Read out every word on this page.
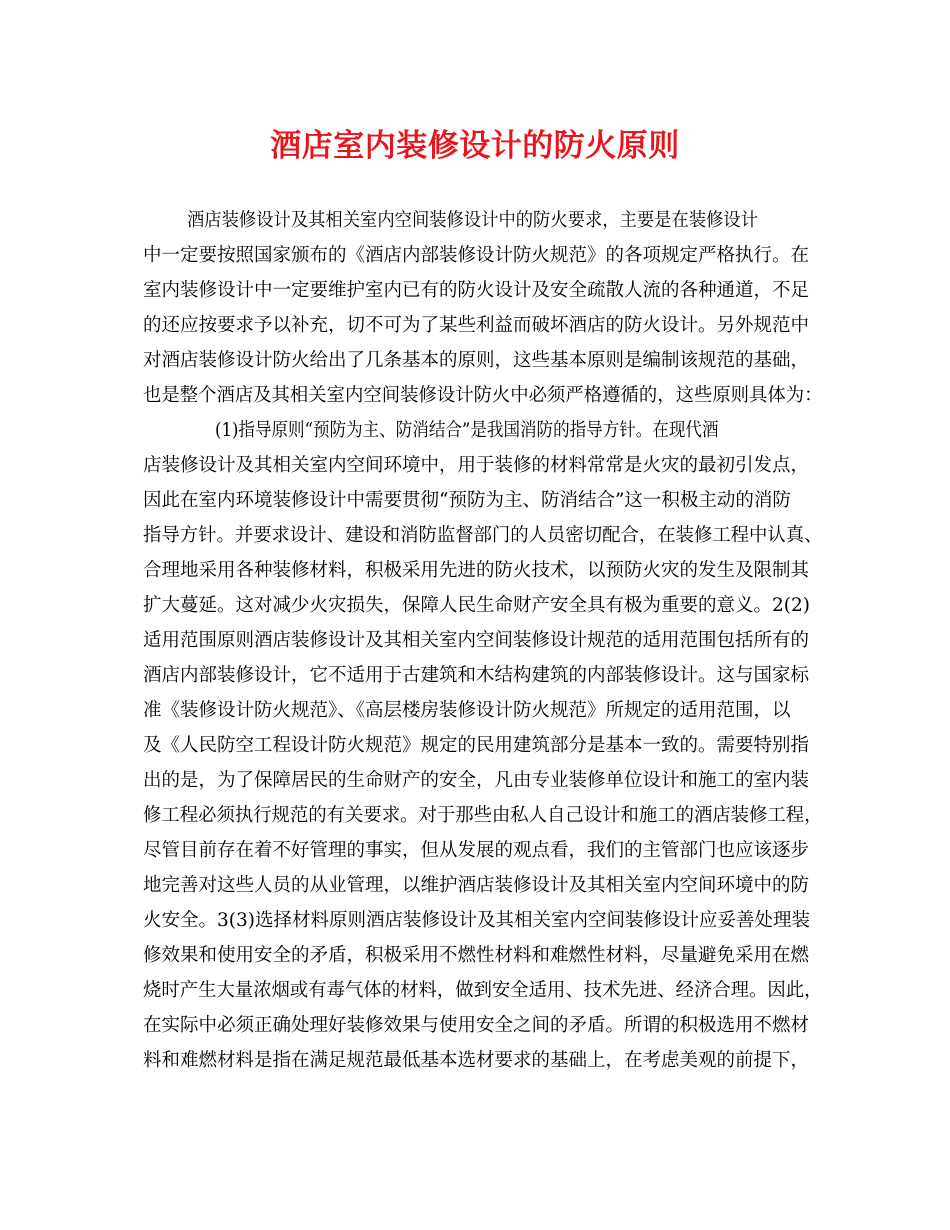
酒店室内装修设计的防火原则

酒店装修设计及其相关室内空间装修设计中的防火要求，主要是在装修设计

中一定要按照国家颁布的《酒店内部装修设计防火规范》的各项规定严格执行。在

室内装修设计中一定要维护室内已有的防火设计及安全疏散人流的各种通道，不足

的还应按要求予以补充，切不可为了某些利益而破坏酒店的防火设计。另外规范中

对酒店装修设计防火给出了几条基本的原则，这些基本原则是编制该规范的基础，

也是整个酒店及其相关室内空间装修设计防火中必须严格遵循的，这些原则具体为：

(1)指导原则“预防为主、防消结合”是我国消防的指导方针。在现代酒

店装修设计及其相关室内空间环境中，用于装修的材料常常是火灾的最初引发点，

因此在室内环境装修设计中需要贯彻“预防为主、防消结合”这一积极主动的消防

指导方针。并要求设计、建设和消防监督部门的人员密切配合，在装修工程中认真、

合理地采用各种装修材料，积极采用先进的防火技术，以预防火灾的发生及限制其

扩大蔓延。这对减少火灾损失，保障人民生命财产安全具有极为重要的意义。2(2)

适用范围原则酒店装修设计及其相关室内空间装修设计规范的适用范围包括所有的

酒店内部装修设计，它不适用于古建筑和木结构建筑的内部装修设计。这与国家标

准《装修设计防火规范》、《高层楼房装修设计防火规范》所规定的适用范围，以

及《人民防空工程设计防火规范》规定的民用建筑部分是基本一致的。需要特别指

出的是，为了保障居民的生命财产的安全，凡由专业装修单位设计和施工的室内装

修工程必须执行规范的有关要求。对于那些由私人自己设计和施工的酒店装修工程，

尽管目前存在着不好管理的事实，但从发展的观点看，我们的主管部门也应该逐步

地完善对这些人员的从业管理，以维护酒店装修设计及其相关室内空间环境中的防

火安全。3(3)选择材料原则酒店装修设计及其相关室内空间装修设计应妥善处理装

修效果和使用安全的矛盾，积极采用不燃性材料和难燃性材料，尽量避免采用在燃

烧时产生大量浓烟或有毒气体的材料，做到安全适用、技术先进、经济合理。因此，

在实际中必须正确处理好装修效果与使用安全之间的矛盾。所谓的积极选用不燃材

料和难燃材料是指在满足规范最低基本选材要求的基础上，在考虑美观的前提下，
